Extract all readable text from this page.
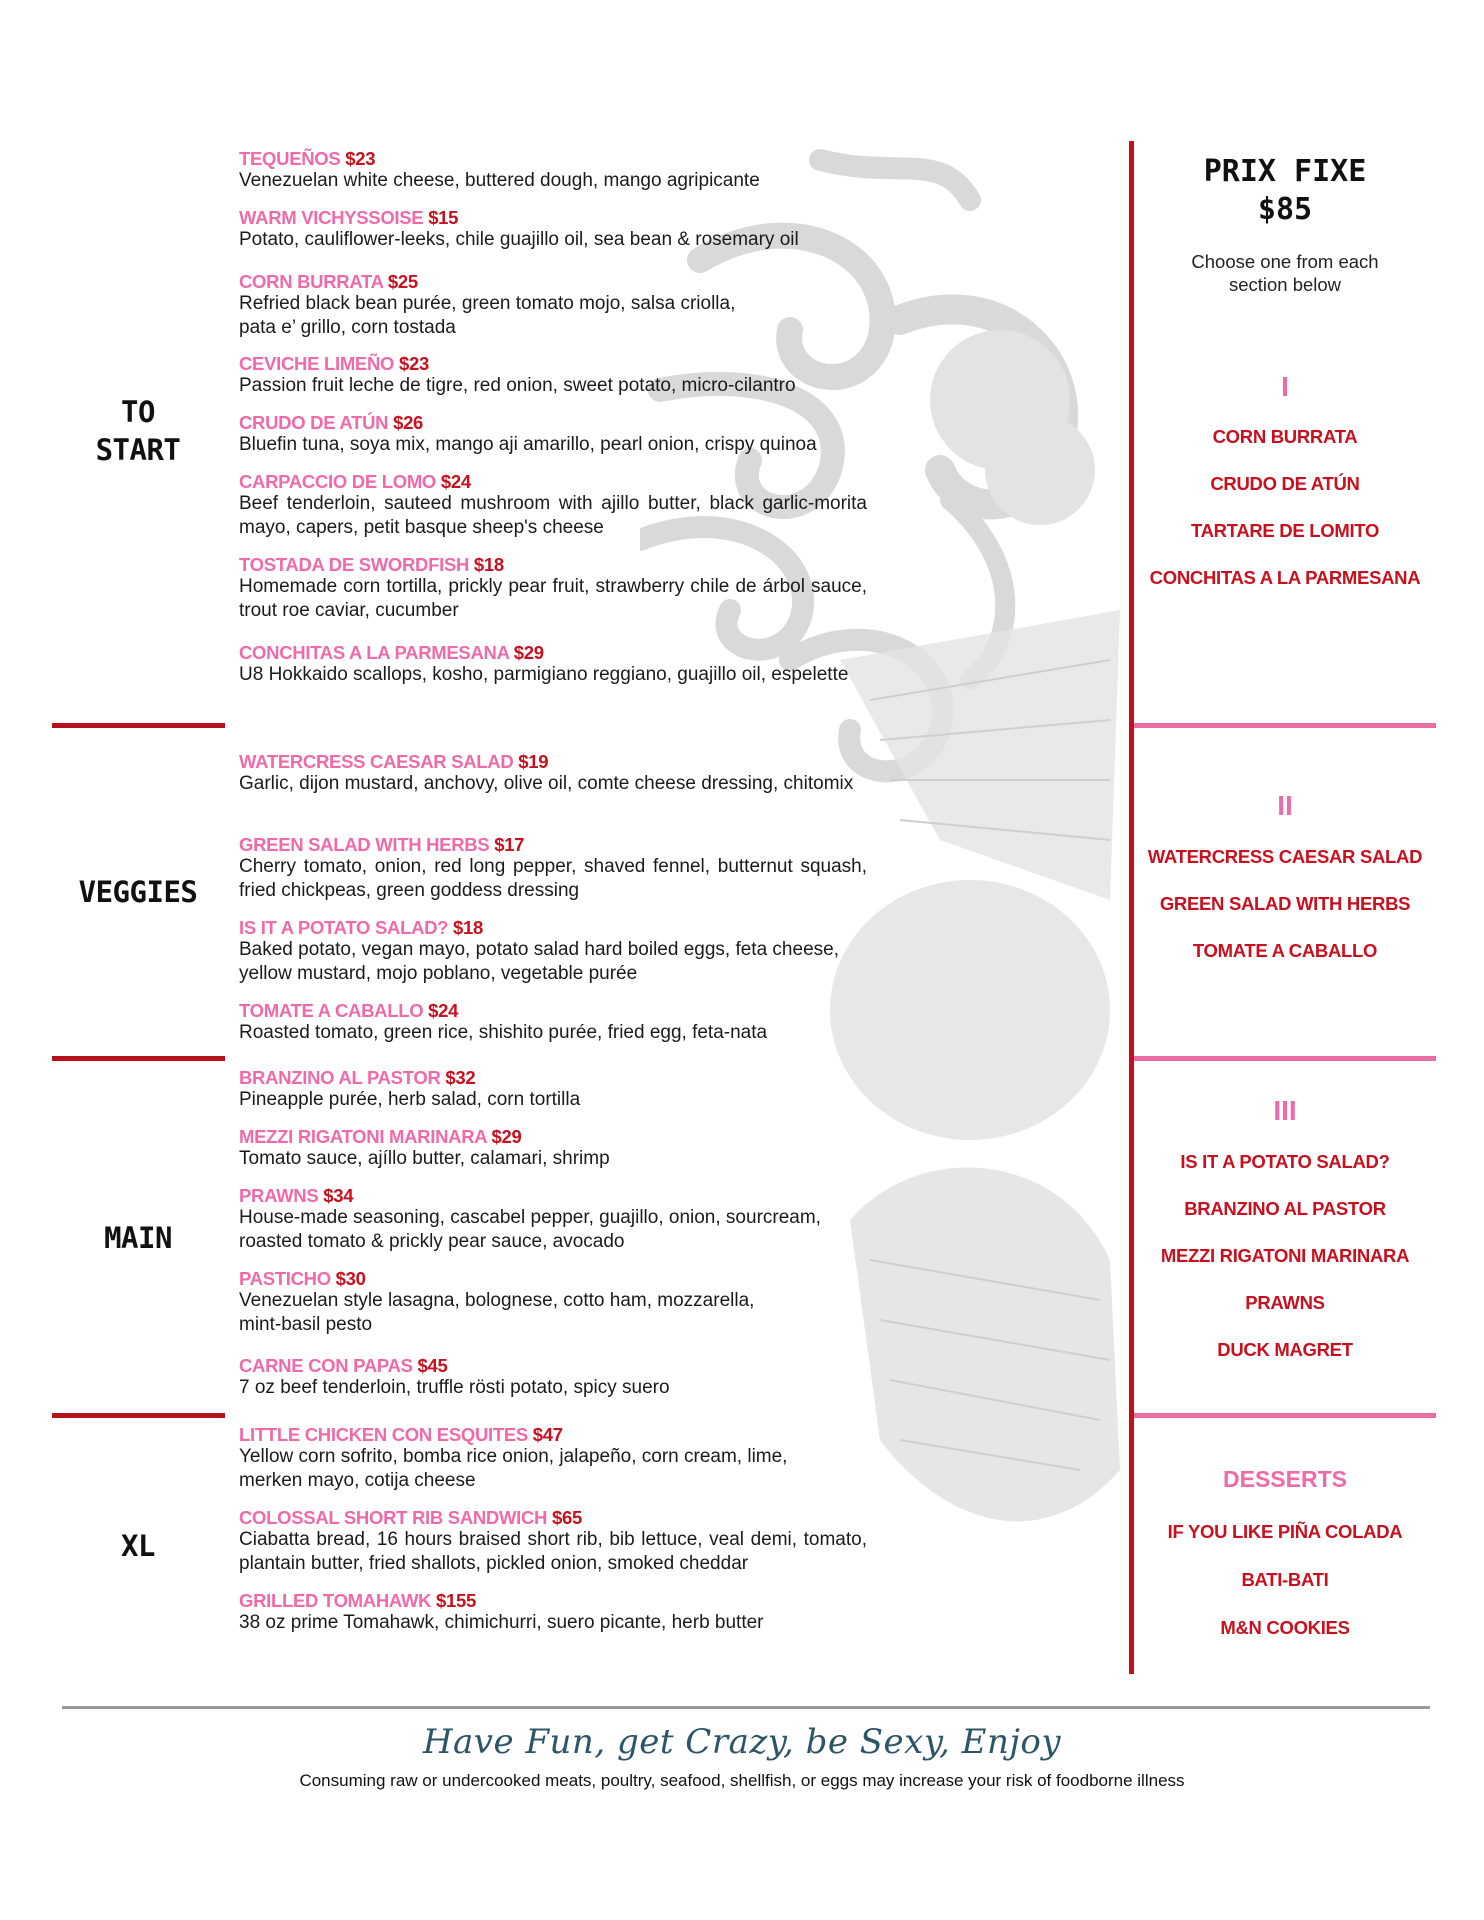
TO
START
VEGGIES
MAIN
XL
TEQUEÑOS $23
Venezuelan white cheese, buttered dough, mango agripicante
WARM VICHYSSOISE $15
Potato, cauliflower-leeks, chile guajillo oil, sea bean & rosemary oil
CORN BURRATA $25
Refried black bean purée, green tomato mojo, salsa criolla,
pata e’ grillo, corn tostada
CEVICHE LIMEÑO $23
Passion fruit leche de tigre, red onion, sweet potato, micro-cilantro
CRUDO DE ATÚN $26
Bluefin tuna, soya mix, mango aji amarillo, pearl onion, crispy quinoa
CARPACCIO DE LOMO $24
Beef tenderloin, sauteed mushroom with ajillo butter, black garlic-morita mayo, capers, petit basque sheep's cheese
TOSTADA DE SWORDFISH $18
Homemade corn tortilla, prickly pear fruit, strawberry chile de árbol sauce, trout roe caviar, cucumber
CONCHITAS A LA PARMESANA $29
U8 Hokkaido scallops, kosho, parmigiano reggiano, guajillo oil, espelette
WATERCRESS CAESAR SALAD $19
Garlic, dijon mustard, anchovy, olive oil, comte cheese dressing, chitomix
GREEN SALAD WITH HERBS $17
Cherry tomato, onion, red long pepper, shaved fennel, butternut squash, fried chickpeas, green goddess dressing
IS IT A POTATO SALAD? $18
Baked potato, vegan mayo, potato salad hard boiled eggs, feta cheese,
yellow mustard, mojo poblano, vegetable purée
TOMATE A CABALLO $24
Roasted tomato, green rice, shishito purée, fried egg, feta-nata
BRANZINO AL PASTOR $32
Pineapple purée, herb salad, corn tortilla
MEZZI RIGATONI MARINARA $29
Tomato sauce, ajíllo butter, calamari, shrimp
PRAWNS $34
House-made seasoning, cascabel pepper, guajillo, onion, sourcream,
roasted tomato & prickly pear sauce, avocado
PASTICHO $30
Venezuelan style lasagna, bolognese, cotto ham, mozzarella,
mint-basil pesto
CARNE CON PAPAS $45
7 oz beef tenderloin, truffle rösti potato, spicy suero
LITTLE CHICKEN CON ESQUITES $47
Yellow corn sofrito, bomba rice onion, jalapeño, corn cream, lime,
merken mayo, cotija cheese
COLOSSAL SHORT RIB SANDWICH $65
Ciabatta bread, 16 hours braised short rib, bib lettuce, veal demi, tomato, plantain butter, fried shallots, pickled onion, smoked cheddar
GRILLED TOMAHAWK $155
38 oz prime Tomahawk, chimichurri, suero picante, herb butter
PRIX FIXE
$85
Choose one from each
section below
I
CORN BURRATA
CRUDO DE ATÚN
TARTARE DE LOMITO
CONCHITAS A LA PARMESANA
II
WATERCRESS CAESAR SALAD
GREEN SALAD WITH HERBS
TOMATE A CABALLO
III
IS IT A POTATO SALAD?
BRANZINO AL PASTOR
MEZZI RIGATONI MARINARA
PRAWNS
DUCK MAGRET
DESSERTS
IF YOU LIKE PIÑA COLADA
BATI-BATI
M&N COOKIES
Have Fun, get Crazy, be Sexy, Enjoy
Consuming raw or undercooked meats, poultry, seafood, shellfish, or eggs may increase your risk of foodborne illness
